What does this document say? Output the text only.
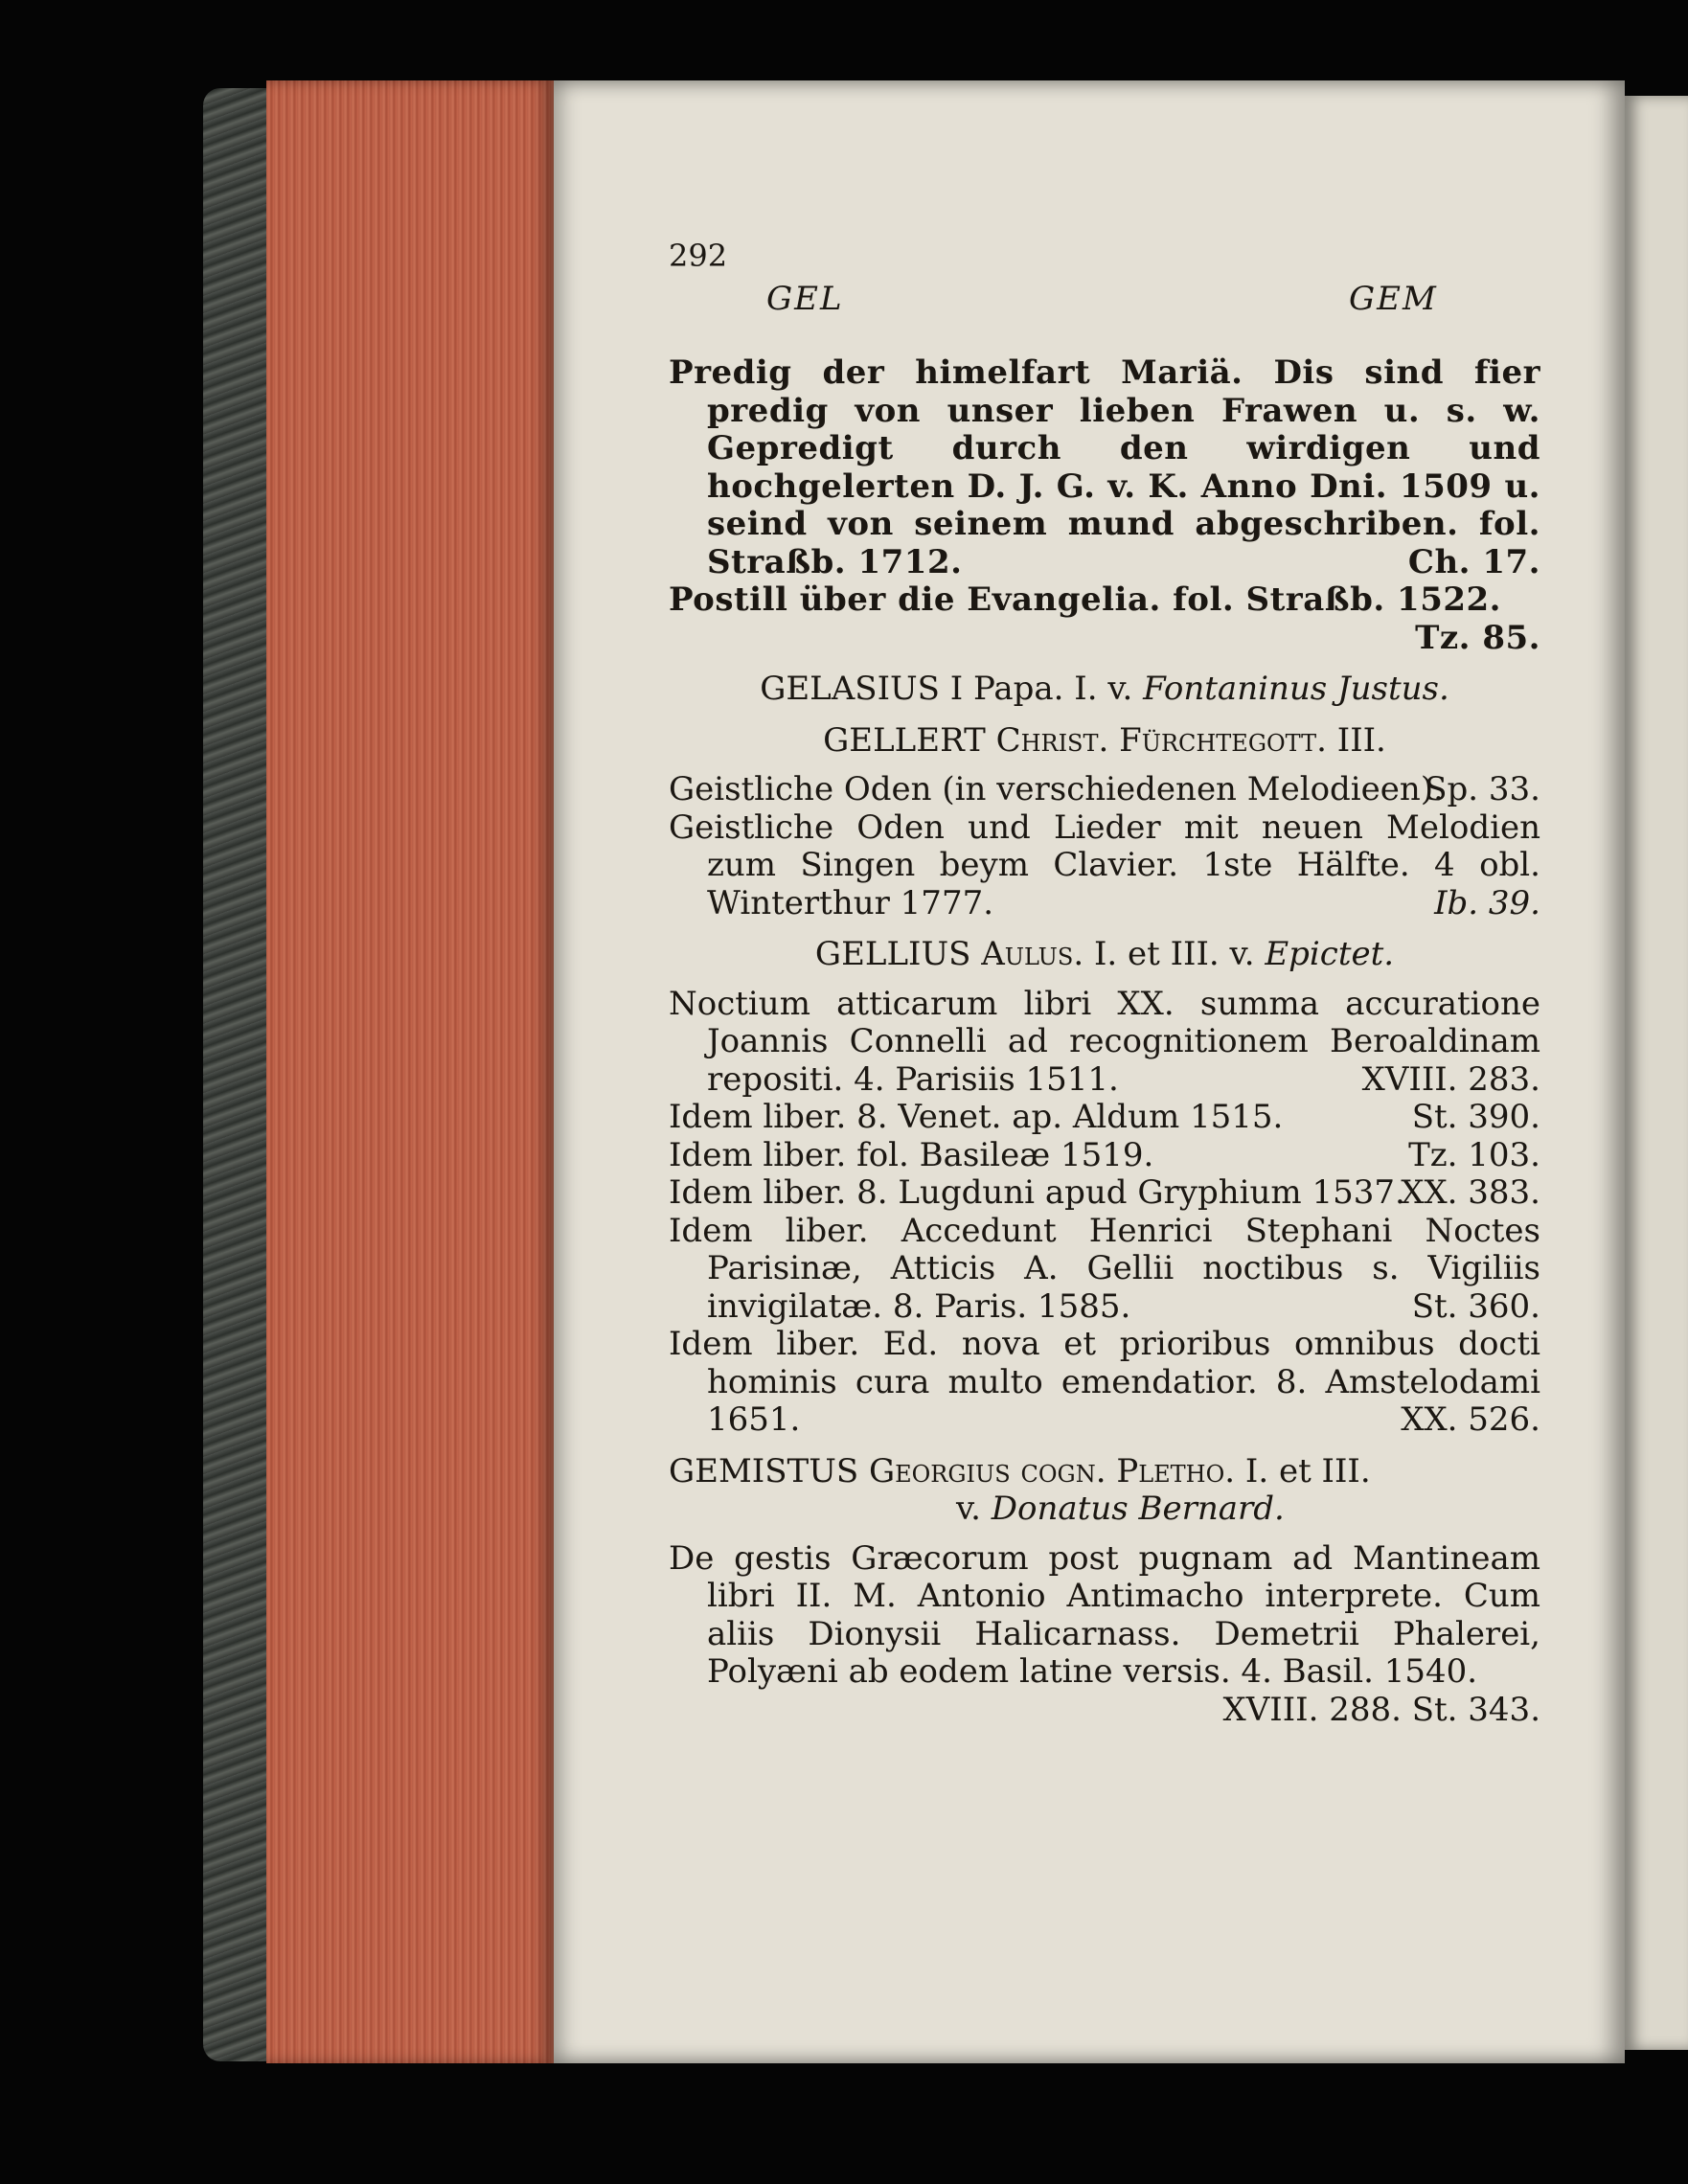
292
GEL	GEM

Predig der himelfart Mariä. Dis sind fier predig von unser lieben Frawen u. s. w. Gepredigt durch den wirdigen und hochgelerten D. J. G. v. K. Anno Dni. 1509 u. seind von seinem mund abgeschriben. fol. Straßb. 1712.	Ch. 17.

Postill über die Evangelia. fol. Straßb. 1522.
Tz. 85.

GELASIUS I Papa. I. v. Fontaninus Justus.
GELLERT Christ. Fürchtegott. III.

Geistliche Oden (in verschiedenen Melodieen).
Sp. 33.

Geistliche Oden und Lieder mit neuen Melodien zum Singen beym Clavier. 1ste Hälfte. 4 obl. Winterthur 1777.	Ib. 39.

GELLIUS Aulus. I. et III. v. Epictet.

Noctium atticarum libri XX. summa accuratione Joannis Connelli ad recognitionem Beroaldinam repositi. 4. Parisiis 1511.	XVIII. 283.

Idem liber. 8. Venet. ap. Aldum 1515.	St. 390.

Idem liber. fol. Basileæ 1519.	Tz. 103.

Idem liber. 8. Lugduni apud Gryphium 1537.
XX. 383.

Idem liber. Accedunt Henrici Stephani Noctes Parisinæ, Atticis A. Gellii noctibus s. Vigiliis invigilatæ. 8. Paris. 1585.	St. 360.

Idem liber. Ed. nova et prioribus omnibus docti hominis cura multo emendatior. 8. Amstelodami 1651.	XX. 526.

GEMISTUS Georgius cogn. Pletho. I. et III.
v. Donatus Bernard.

De gestis Græcorum post pugnam ad Mantineam libri II. M. Antonio Antimacho interprete. Cum aliis Dionysii Halicarnass. Demetrii Phalerei, Polyæni ab eodem latine versis. 4. Basil. 1540.
XVIII. 288. St. 343.
